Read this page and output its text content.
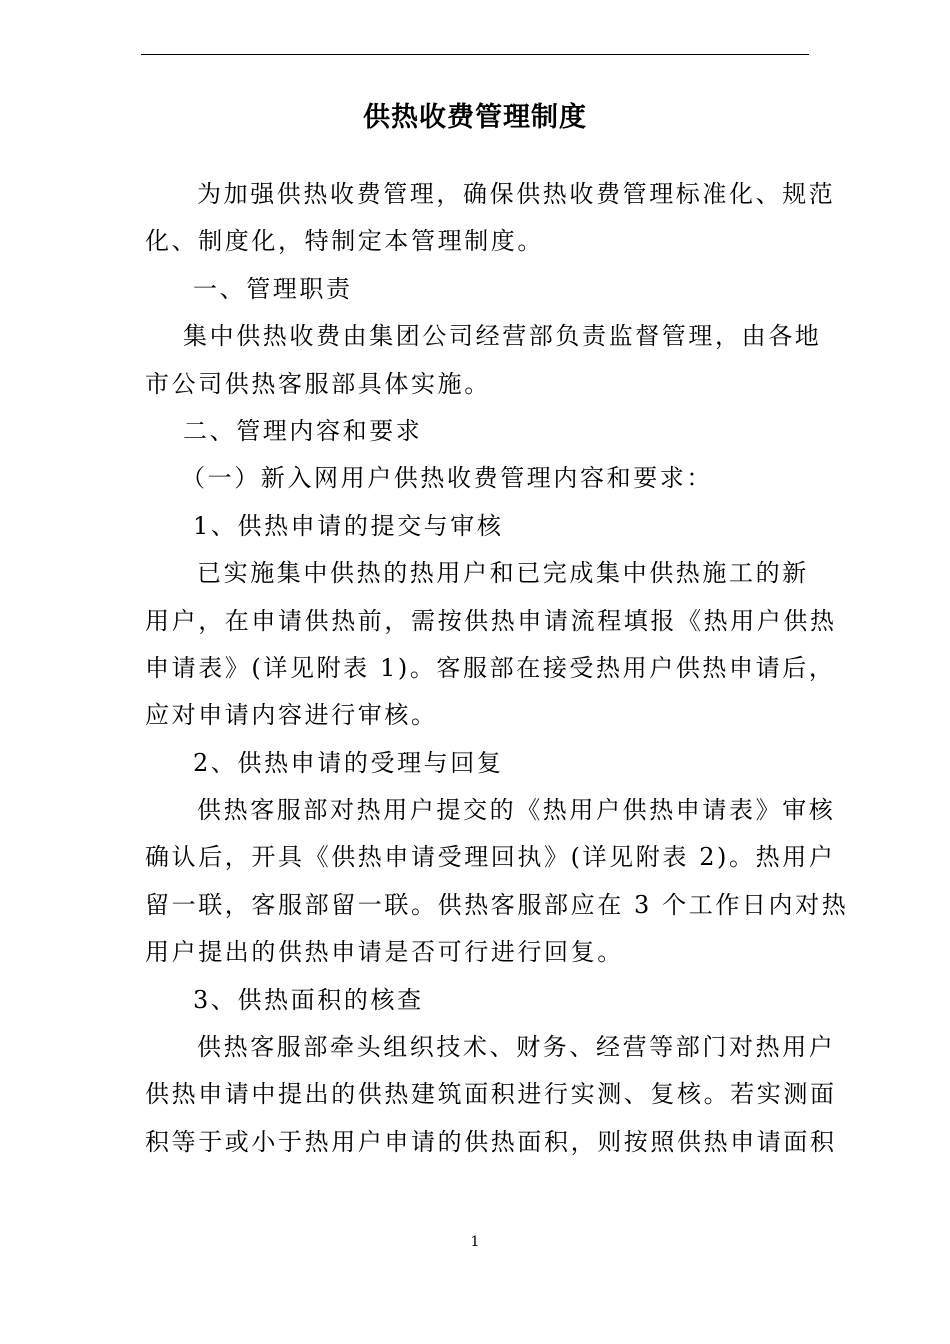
供热收费管理制度
为加强供热收费管理，确保供热收费管理标准化、规范
化、制度化，特制定本管理制度。
一、管理职责
集中供热收费由集团公司经营部负责监督管理，由各地
市公司供热客服部具体实施。
二、管理内容和要求
（一）新入网用户供热收费管理内容和要求：
1、供热申请的提交与审核
已实施集中供热的热用户和已完成集中供热施工的新
用户，在申请供热前，需按供热申请流程填报《热用户供热
申请表》(详见附表 1)。客服部在接受热用户供热申请后，
应对申请内容进行审核。
2、供热申请的受理与回复
供热客服部对热用户提交的《热用户供热申请表》审核
确认后，开具《供热申请受理回执》(详见附表 2)。热用户
留一联，客服部留一联。供热客服部应在 3 个工作日内对热
用户提出的供热申请是否可行进行回复。
3、供热面积的核查
供热客服部牵头组织技术、财务、经营等部门对热用户
供热申请中提出的供热建筑面积进行实测、复核。若实测面
积等于或小于热用户申请的供热面积，则按照供热申请面积
1
